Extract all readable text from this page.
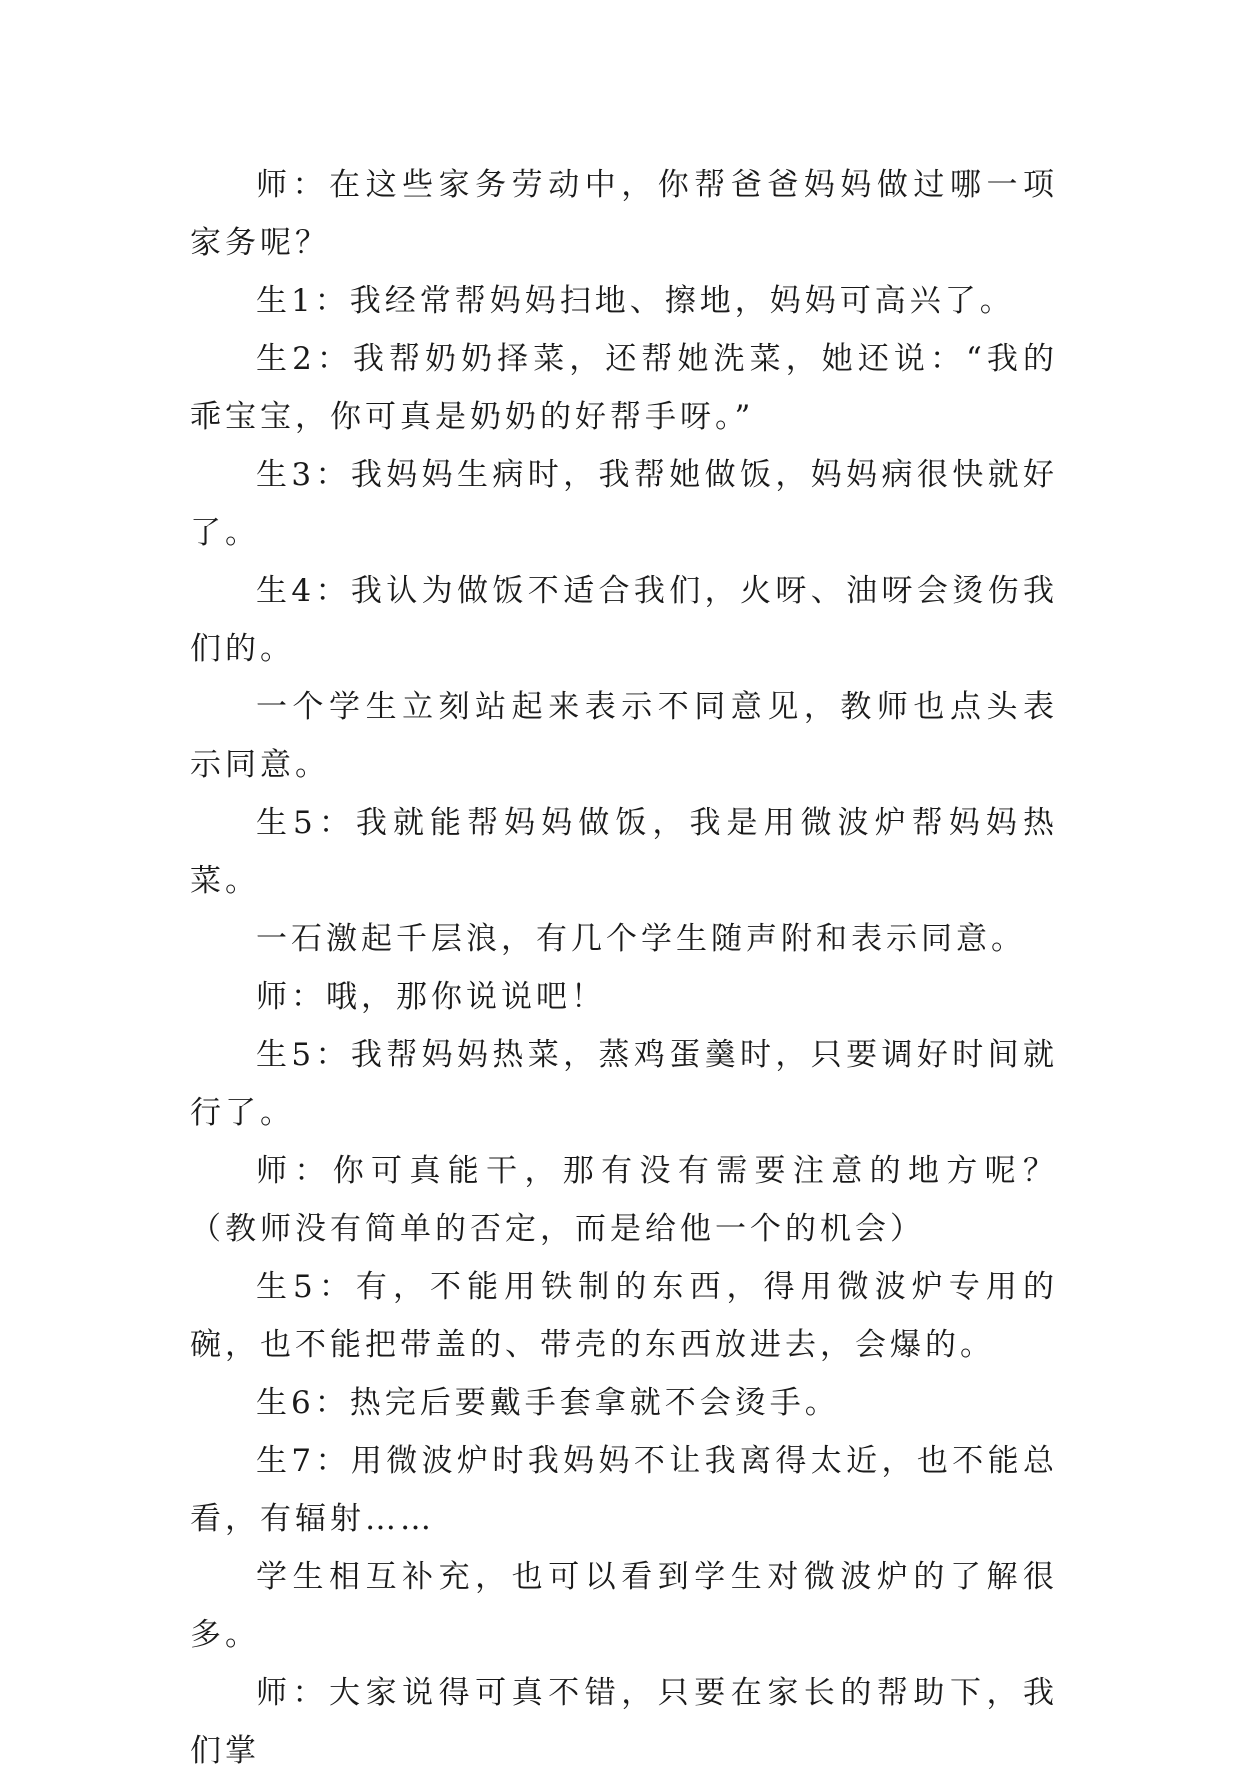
师：在这些家务劳动中，你帮爸爸妈妈做过哪一项家务呢？

生1：我经常帮妈妈扫地、擦地，妈妈可高兴了。

生2：我帮奶奶择菜，还帮她洗菜，她还说：“我的乖宝宝，你可真是奶奶的好帮手呀。”

生3：我妈妈生病时，我帮她做饭，妈妈病很快就好了。

生4：我认为做饭不适合我们，火呀、油呀会烫伤我们的。

一个学生立刻站起来表示不同意见，教师也点头表示同意。

生5：我就能帮妈妈做饭，我是用微波炉帮妈妈热菜。

一石激起千层浪，有几个学生随声附和表示同意。

师：哦，那你说说吧！

生5：我帮妈妈热菜，蒸鸡蛋羹时，只要调好时间就行了。

师：你可真能干，那有没有需要注意的地方呢？（教师没有简单的否定，而是给他一个的机会）

生5：有，不能用铁制的东西，得用微波炉专用的碗，也不能把带盖的、带壳的东西放进去，会爆的。

生6：热完后要戴手套拿就不会烫手。

生7：用微波炉时我妈妈不让我离得太近，也不能总看，有辐射……

学生相互补充，也可以看到学生对微波炉的了解很多。

师：大家说得可真不错，只要在家长的帮助下，我们掌
